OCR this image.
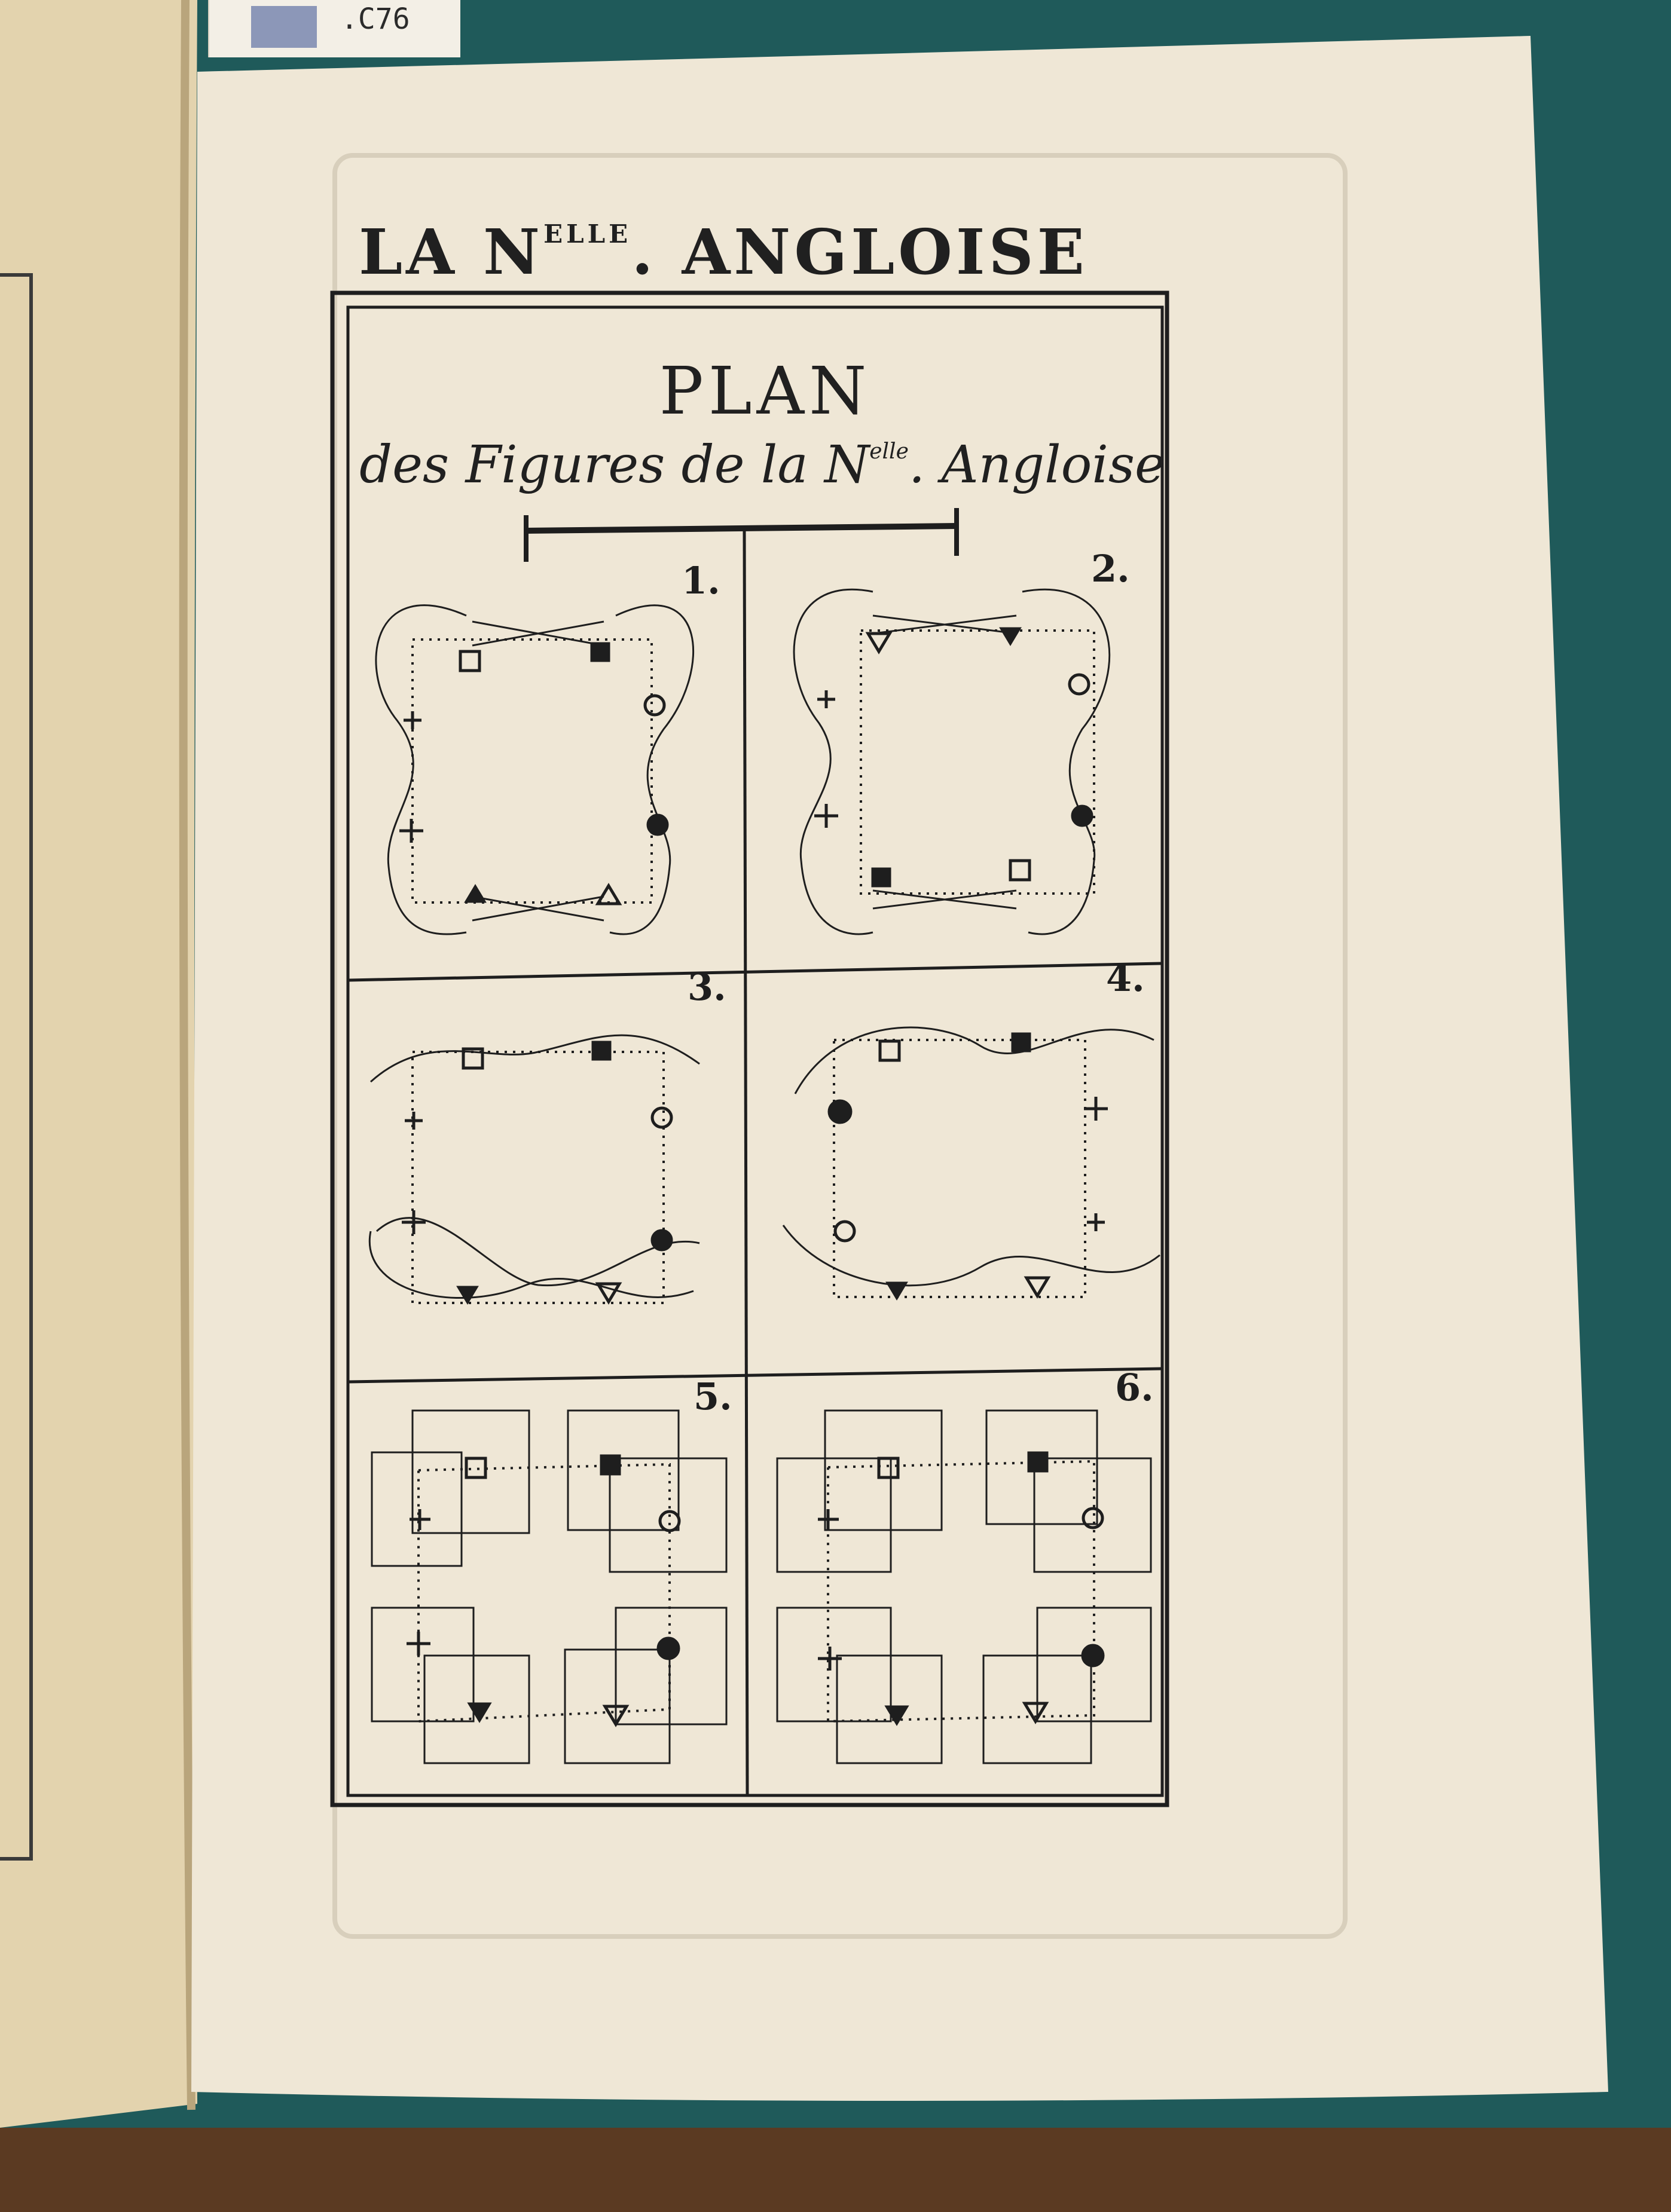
.C76
LA $N^{ELLE}$. ANGLOISE
PLAN
des Figures de la $N^{elle}$. Angloise
1.	2.
3.	4.
5.	6.
